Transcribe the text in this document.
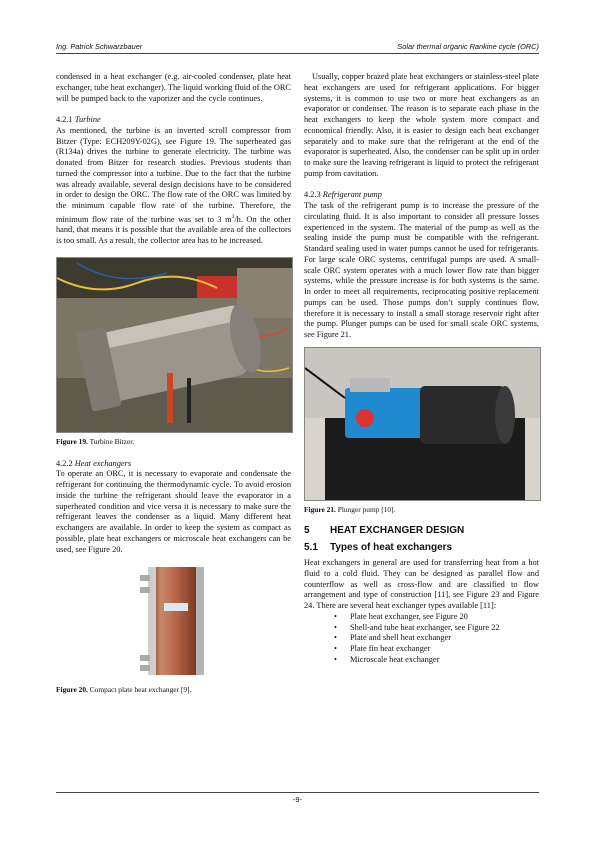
Ing. Patrick Schwarzbauer	Solar thermal organic Rankine cycle (ORC)

condensed in a heat exchanger (e.g. air-cooled condenser, plate heat exchanger, tube heat exchanger). The liquid working fluid of the ORC will be pumped back to the vaporizer and the cycle continues.

4.2.1 Turbine

As mentioned, the turbine is an inverted scroll compressor from Bitzer (Type: ECH209Y-02G), see Figure 19. The superheated gas (R134a) drives the turbine to generate electricity. The turbine was donated from Bitzer for research studies. Previous students than turned the compressor into a turbine. Due to the fact that the turbine was already available, several design decisions have to be considered in order to design the ORC. The flow rate of the ORC was limited by the minimum capable flow rate of the turbine. Therefore, the minimum flow rate of the turbine was set to 3 $m^3/h$. On the other hand, that means it is possible that the available area of the collectors is too small. As a result, the collector area has to be increased.

Figure 19. Turbine Bitzer.
4.2.2 Heat exchangers

To operate an ORC, it is necessary to evaporate and condensate the refrigerant for continuing the thermodynamic cycle. To avoid erosion inside the turbine the refrigerant should leave the evaporator in a superheated condition and vice versa it is necessary to make sure the refrigerant leaves the condenser as a liquid. Many different heat exchangers are available. In order to keep the system as compact as possible, plate heat exchangers or microscale heat exchangers can be used, see Figure 20.

Figure 20. Compact plate heat exchanger [9].

Usually, copper brazed plate heat exchangers or stainless-steel plate heat exchangers are used for refrigerant applications. For bigger systems, it is common to use two or more heat exchangers as an evaporator or condenser. The reason is to separate each phase in the heat exchangers to keep the whole system more compact and economical friendly. Also, it is easier to design each heat exchanger separately and to make sure that the refrigerant at the end of the evaporator is superheated. Also, the condenser can be split up in order to make sure the leaving refrigerant is liquid to protect the refrigerant pump from cavitation.

4.2.3 Refrigerant pump

The task of the refrigerant pump is to increase the pressure of the circulating fluid. It is also important to consider all pressure losses experienced in the system. The material of the pump as well as the sealing inside the pump must be compatible with the refrigerant. Standard sealing used in water pumps cannot be used for refrigerants. For large scale ORC systems, centrifugal pumps are used. A small-scale ORC system operates with a much lower flow rate than bigger systems, while the pressure increase is for both systems is the same. In order to meet all requirements, reciprocating positive replacement pumps can be used. Those pumps don’t supply continues flow, therefore it is necessary to install a small storage reservoir right after the pump. Plunger pumps can be used for small scale ORC systems, see Figure 21.

Figure 21. Plunger pump [10].
5	HEAT EXCHANGER DESIGN
5.1	Types of heat exchangers

Heat exchangers in general are used for transferring heat from a hot fluid to a cold fluid. They can be designed as parallel flow and counterflow as well as cross-flow and are classified to flow arrangement and type of construction [11], see Figure 23 and Figure 24. There are several heat exchanger types available [11]:

• Plate heat exchanger, see Figure 20
• Shell-and tube heat exchanger, see Figure 22
• Plate and shell heat exchanger
• Plate fin heat exchanger
• Microscale heat exchanger
-9-
